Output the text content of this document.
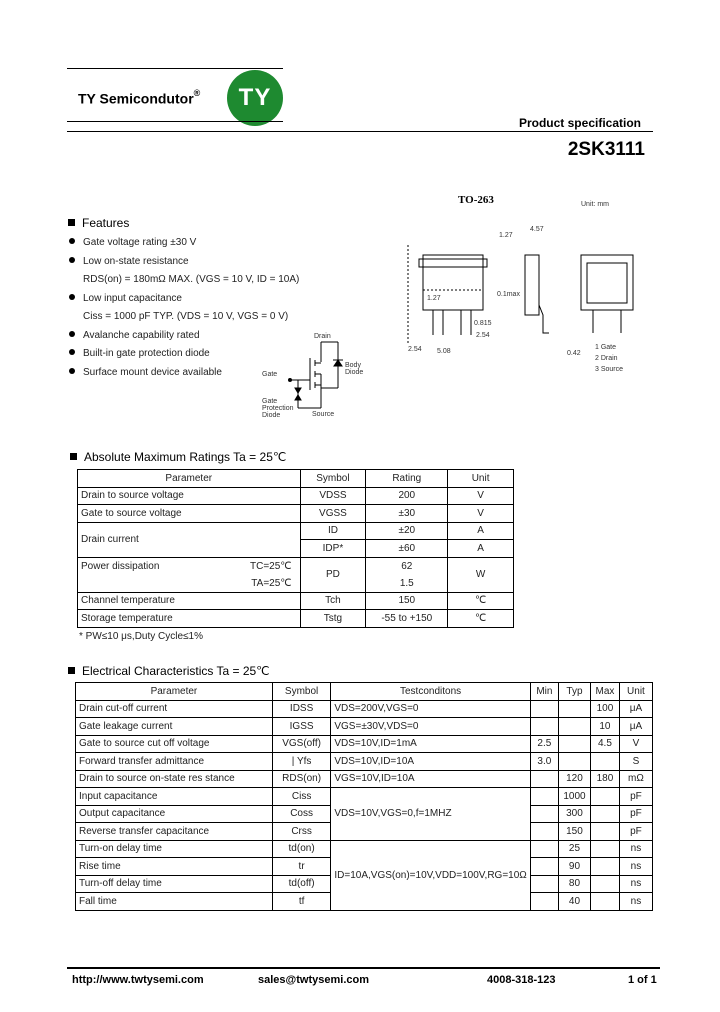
TY Semicondutor® TY
Product specification
2SK3111
Features
Gate voltage rating ±30 V
Low on-state resistance
RDS(on) = 180mΩ MAX. (VGS = 10 V, ID = 10A)
Low input capacitance
Ciss = 1000 pF TYP. (VDS = 10 V, VGS = 0 V)
Avalanche capability rated
Built-in gate protection diode
Surface mount device available
Drain
Gate
Body
Diode
Gate
Protection
Diode	Source
TO-263	Unit: mm
1.27
4.57
1.27
0.1max
0.815
2.54
5.08
2.54
0.42
1 Gate
2 Drain
3 Source
Absolute Maximum Ratings Ta = 25℃
Parameter		Symbol	Rating	Unit
Drain to source voltage		VDSS	200	V
Gate to source voltage		VGSS	±30	V
Drain current		ID	±20	A
		IDP*	±60	A
Power dissipation	TC=25℃	PD	62	W
	TA=25℃		1.5	
Channel temperature		Tch	150	℃
Storage temperature		Tstg	-55 to +150	℃
* PW≤10 μs,Duty Cycle≤1%
Electrical Characteristics Ta = 25℃
Parameter	Symbol	Testconditons	Min	Typ	Max	Unit
Drain cut-off current	IDSS	VDS=200V,VGS=0			100	μA
Gate leakage current	IGSS	VGS=±30V,VDS=0			10	μA
Gate to source cut off voltage	VGS(off)	VDS=10V,ID=1mA	2.5		4.5	V
Forward transfer admittance	| Yfs	VDS=10V,ID=10A	3.0			S
Drain to source on-state res stance	RDS(on)	VGS=10V,ID=10A		120	180	mΩ
Input capacitance	Ciss	VDS=10V,VGS=0,f=1MHZ		1000		pF
Output capacitance	Coss			300		pF
Reverse transfer capacitance	Crss			150		pF
Turn-on delay time	td(on)	ID=10A,VGS(on)=10V,VDD=100V,RG=10Ω		25		ns
Rise time	tr			90		ns
Turn-off delay time	td(off)			80		ns
Fall time	tf			40		ns
http://www.twtysemi.com	sales@twtysemi.com	4008-318-123	1 of 1
